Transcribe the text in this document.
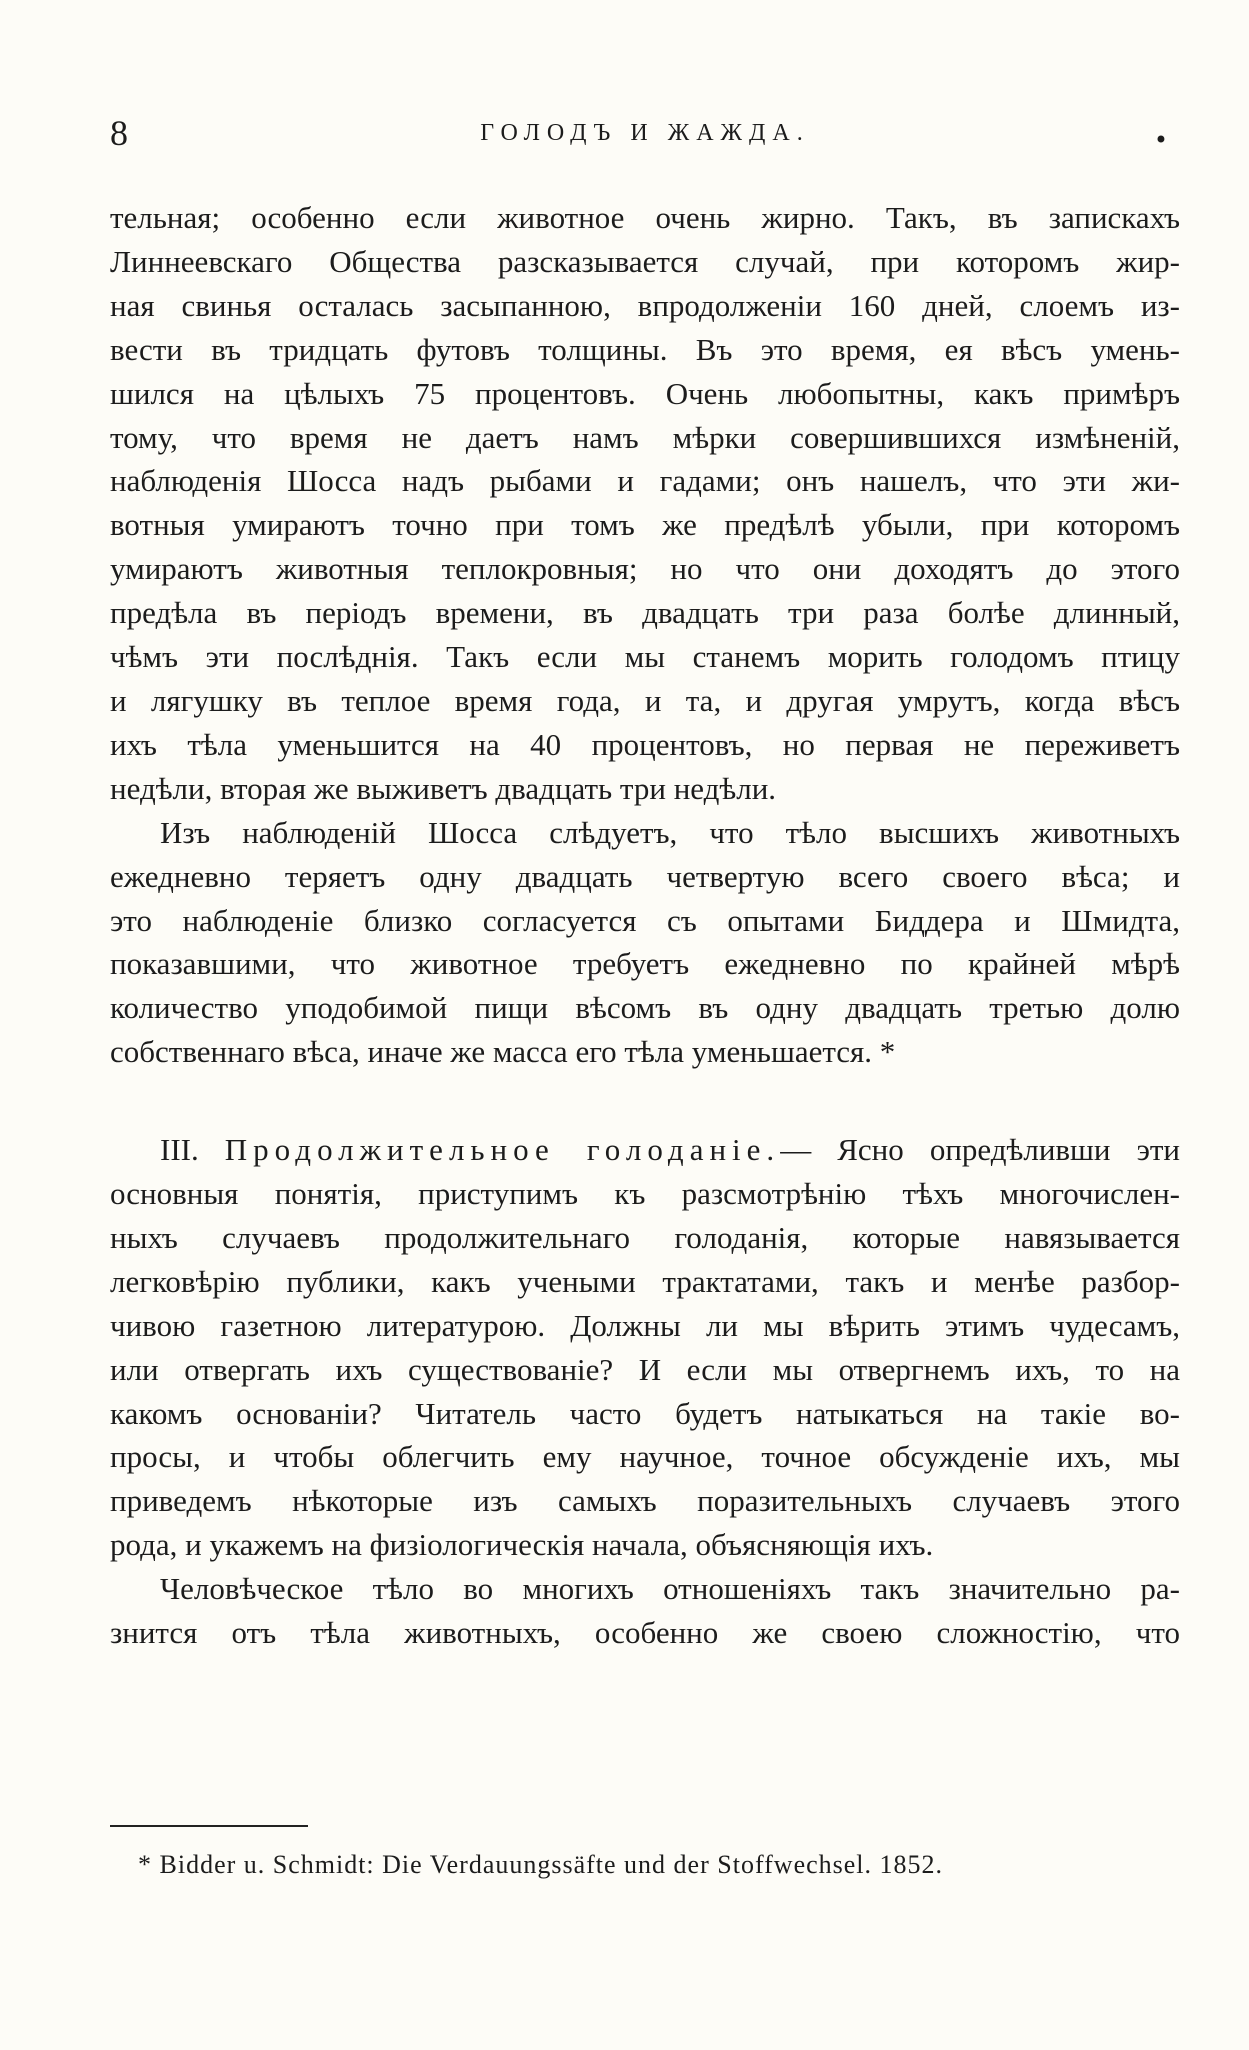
8	ГОЛОДЪ И ЖАЖДА.	•
тельная; особенно если животное очень жирно. Такъ, въ запискахъ
Линнеевскаго Общества разсказывается случай, при которомъ жир-
ная свинья осталась засыпанною, впродолженіи 160 дней, слоемъ из-
вести въ тридцать футовъ толщины. Въ это время, ея вѣсъ умень-
шился на цѣлыхъ 75 процентовъ. Очень любопытны, какъ примѣръ
тому, что время не даетъ намъ мѣрки совершившихся измѣненій,
наблюденія Шосса надъ рыбами и гадами; онъ нашелъ, что эти жи-
вотныя умираютъ точно при томъ же предѣлѣ убыли, при которомъ
умираютъ животныя теплокровныя; но что они доходятъ до этого
предѣла въ періодъ времени, въ двадцать три раза болѣе длинный,
чѣмъ эти послѣднія. Такъ если мы станемъ морить голодомъ птицу
и лягушку въ теплое время года, и та, и другая умрутъ, когда вѣсъ
ихъ тѣла уменьшится на 40 процентовъ, но первая не переживетъ
недѣли, вторая же выживетъ двадцать три недѣли.
Изъ наблюденій Шосса слѣдуетъ, что тѣло высшихъ животныхъ
ежедневно теряетъ одну двадцать четвертую всего своего вѣса; и
это наблюденіе близко согласуется съ опытами Биддера и Шмидта,
показавшими, что животное требуетъ ежедневно по крайней мѣрѣ
количество уподобимой пищи вѣсомъ въ одну двадцать третью долю
собственнаго вѣса, иначе же масса его тѣла уменьшается. *
III. Продолжительное голоданіе.— Ясно опредѣливши эти
основныя понятія, приступимъ къ разсмотрѣнію тѣхъ многочислен-
ныхъ случаевъ продолжительнаго голоданія, которые навязывается
легковѣрію публики, какъ учеными трактатами, такъ и менѣе разбор-
чивою газетною литературою. Должны ли мы вѣрить этимъ чудесамъ,
или отвергать ихъ существованіе? И если мы отвергнемъ ихъ, то на
какомъ основаніи? Читатель часто будетъ натыкаться на такіе во-
просы, и чтобы облегчить ему научное, точное обсужденіе ихъ, мы
приведемъ нѣкоторые изъ самыхъ поразительныхъ случаевъ этого
рода, и укажемъ на физіологическія начала, объясняющія ихъ.
Человѣческое тѣло во многихъ отношеніяхъ такъ значительно ра-
знится отъ тѣла животныхъ, особенно же своею сложностію, что
* Bidder u. Schmidt: Die Verdauungssäfte und der Stoffwechsel. 1852.
